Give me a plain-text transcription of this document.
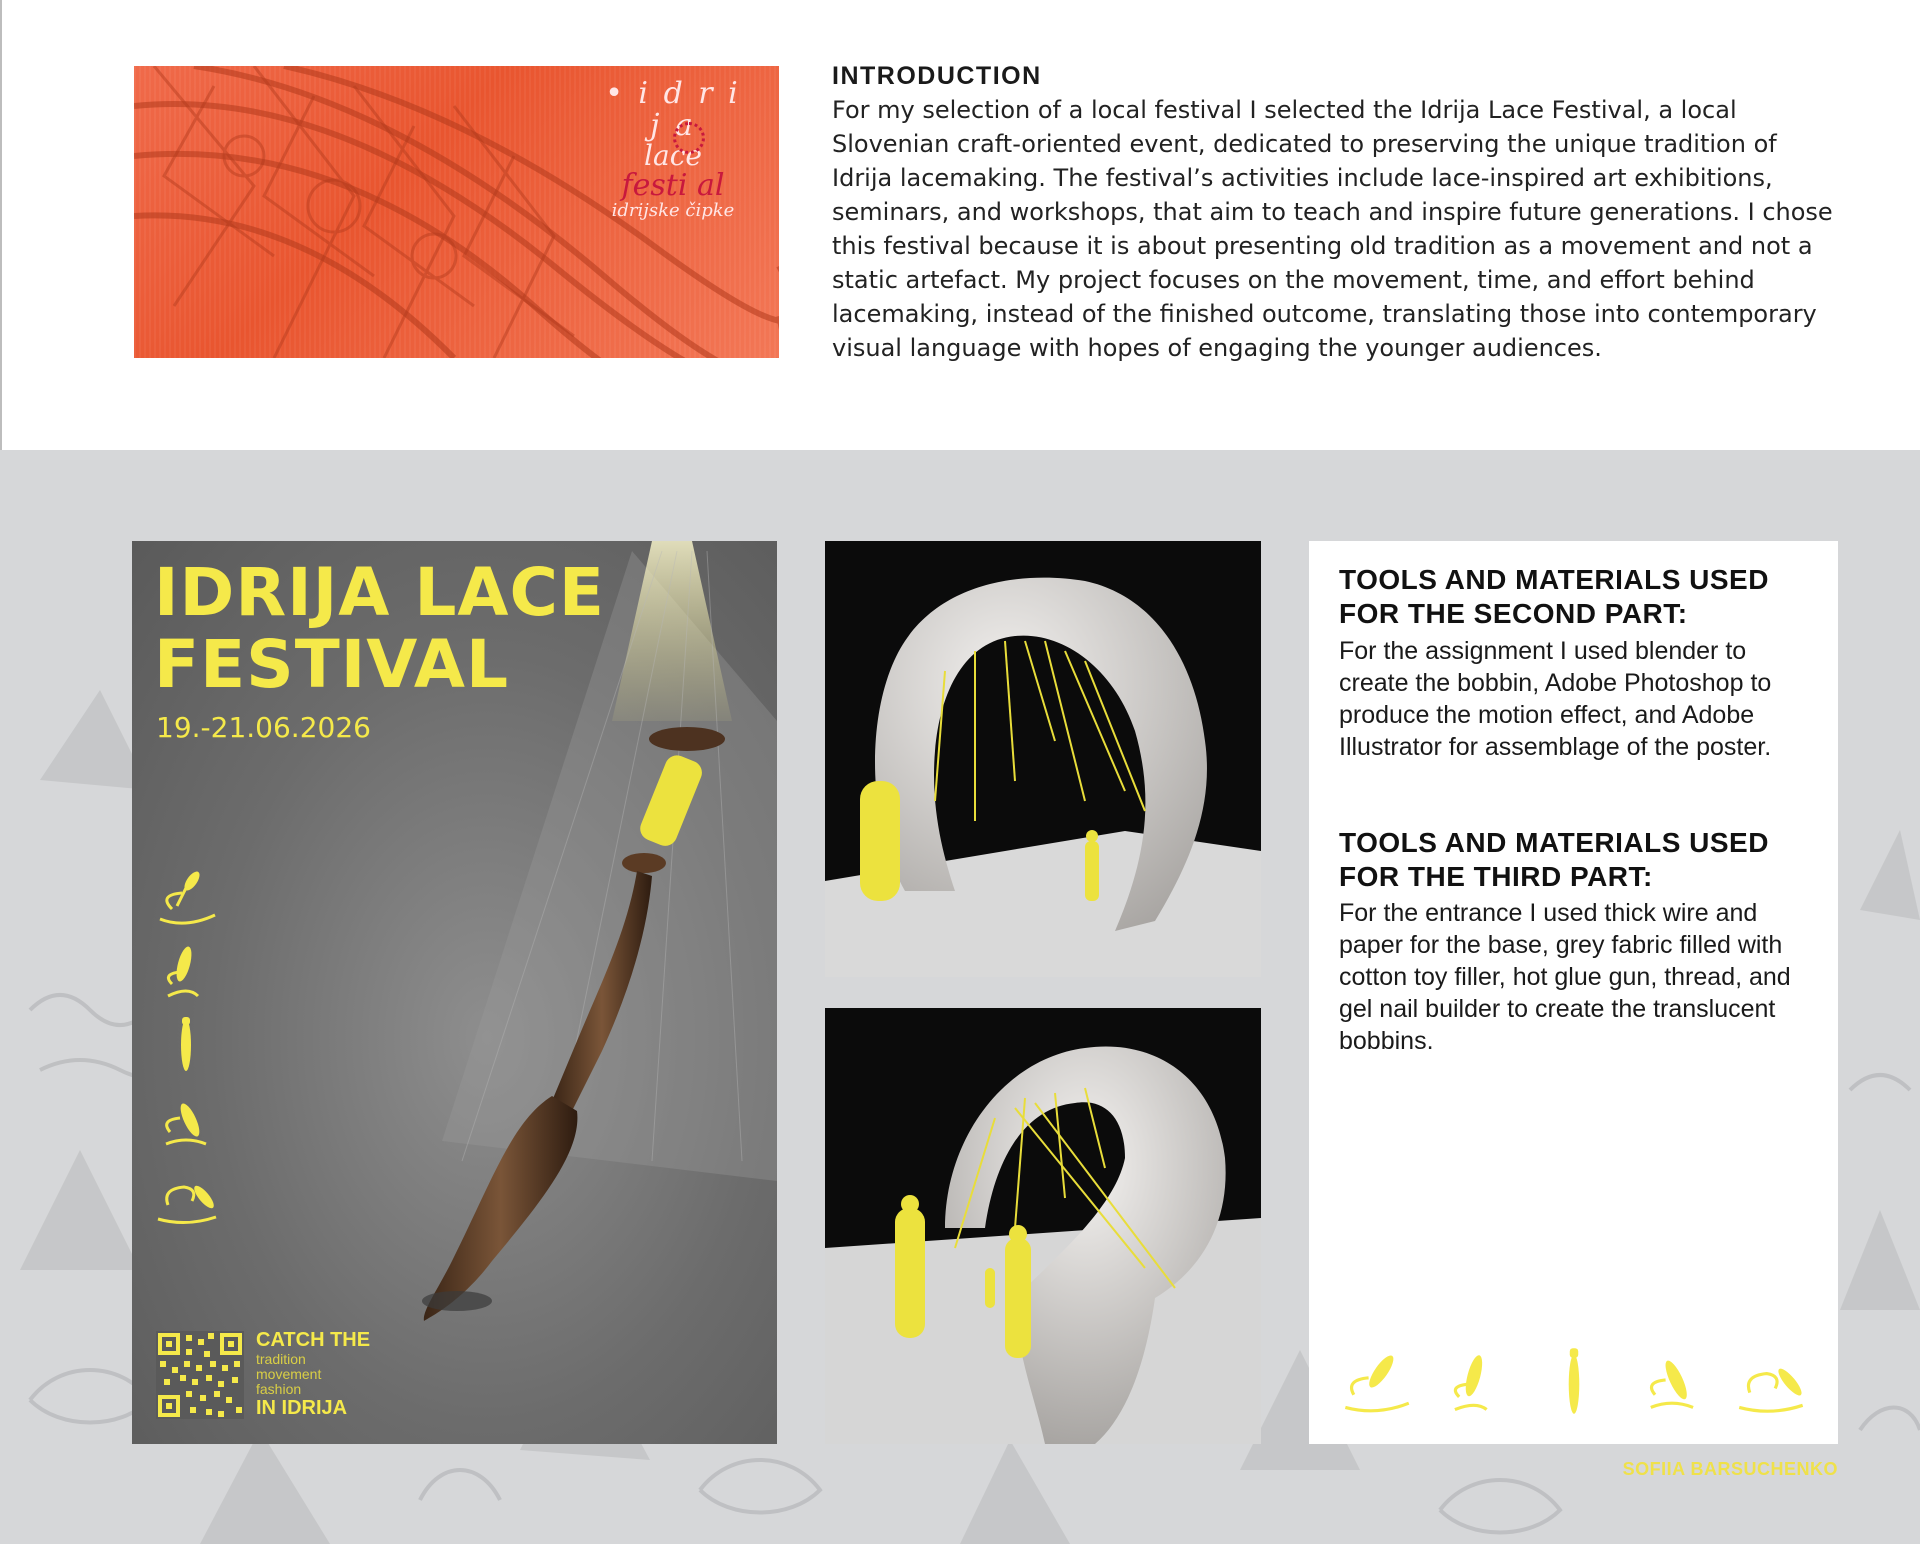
• i d r i j a
lace
festi al
idrijske čipke
INTRODUCTION

For my selection of a local festival I selected the Idrija Lace Festival, a local Slovenian craft-oriented event, dedicated to preserving the unique tradition of Idrija lacemaking. The festival’s activities include lace-inspired art exhibitions, seminars, and workshops, that aim to teach and inspire future generations. I chose this festival because it is about presenting old tradition as a movement and not a static artefact. My project focuses on the movement, time, and effort behind lacemaking, instead of the finished outcome, translating those into contemporary visual language with hopes of engaging the younger audiences.

IDRIJA LACE FESTIVAL
19.-21.06.2026
CATCH THE
tradition
movement
fashion
IN IDRIJA
TOOLS AND MATERIALS USED FOR THE SECOND PART:

For the assignment I used blender to create the bobbin, Adobe Photoshop to produce the motion effect, and Adobe Illustrator for assemblage of the poster.

TOOLS AND MATERIALS USED FOR THE THIRD PART:

For the entrance I used thick wire and paper for the base, grey fabric filled with cotton toy filler, hot glue gun, thread, and gel nail builder to create the translucent bobbins.

SOFIIA BARSUCHENKO
